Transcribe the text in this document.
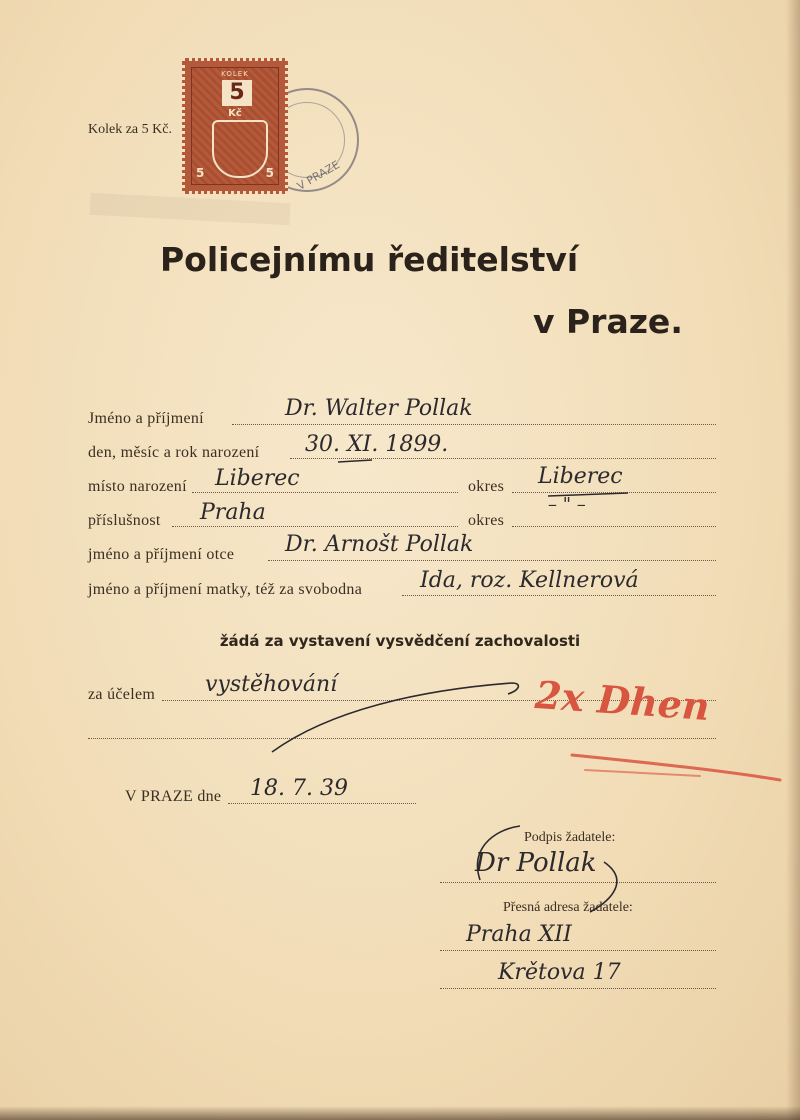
Kolek za 5 Kč.
V PRAZE
KOLEK
5
Kč
5	5
Policejnímu ředitelství
v Praze.
Jméno a příjmení	Dr. Walter Pollak
den, měsíc a rok narození 30. XI. 1899.
místo narození Liberec	okres Liberec
příslušnost Praha	okres
– " –
jméno a příjmení otce Dr. Arnošt Pollak
jméno a příjmení matky, též za svobodna	Ida, roz. Kellnerová
žádá za vystavení vysvědčení zachovalosti
za účelem vystěhování	2x Dhen
V PRAZE dne 18. 7. 39
Podpis žadatele:
Dr Pollak
Přesná adresa žadatele:
Praha XII
Krětova 17
